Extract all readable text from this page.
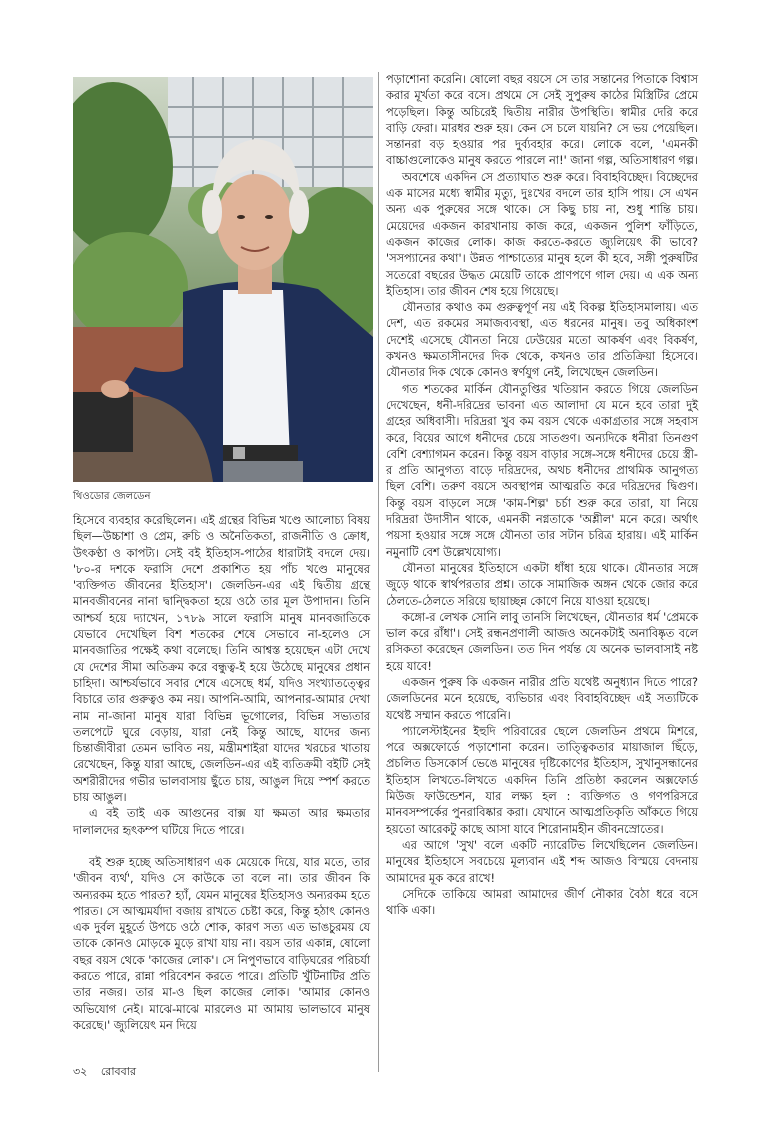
থিওডোর জেলডেন

হিসেবে ব্যবহার করেছিলেন। এই গ্রন্থের বিভিন্ন খণ্ডে আলোচ্য বিষয় ছিল—উচ্চাশা ও প্রেম, রুচি ও অনৈতিকতা, রাজনীতি ও ক্রোধ, উৎকণ্ঠা ও কাপট্য। সেই বই ইতিহাস-পাঠের ধারাটাই বদলে দেয়। '৮০-র দশকে ফরাসি দেশে প্রকাশিত হয় পাঁচ খণ্ডে মানুষের 'ব্যক্তিগত জীবনের ইতিহাস'। জেলডিন-এর এই দ্বিতীয় গ্রন্থে মানবজীবনের নানা দ্বান্দ্বিকতা হয়ে ওঠে তার মূল উপাদান। তিনি আশ্চর্য হয়ে দ্যাখেন, ১৭৮৯ সালে ফরাসি মানুষ মানবজাতিকে যেভাবে দেখেছিল বিশ শতকের শেষে সেভাবে না-হলেও সে মানবজাতির পক্ষেই কথা বলেছে। তিনি আশ্বস্ত হয়েছেন এটা দেখে যে দেশের সীমা অতিক্রম করে বন্ধুত্ব-ই হয়ে উঠেছে মানুষের প্রধান চাহিদা। আশ্চর্যভাবে সবার শেষে এসেছে ধর্ম, যদিও সংখ্যাতত্ত্বের বিচারে তার গুরুত্বও কম নয়। আপনি-আমি, আপনার-আমার দেখা নাম না-জানা মানুষ যারা বিভিন্ন ভূগোলের, বিভিন্ন সভ্যতার তলপেটে ঘুরে বেড়ায়, যারা নেই কিন্তু আছে, যাদের জন্য চিন্তাজীবীরা তেমন ভাবিত নয়, মন্ত্রীমশাইরা যাদের খরচের খাতায় রেখেছেন, কিন্তু যারা আছে, জেলডিন-এর এই ব্যতিক্রমী বইটি সেই অশরীরীদের গভীর ভালবাসায় ছুঁতে চায়, আঙুল দিয়ে স্পর্শ করতে চায় আঙুল।

এ বই তাই এক আগুনের বাক্স যা ক্ষমতা আর ক্ষমতার দালালদের হৃৎকম্প ঘটিয়ে দিতে পারে।

বই শুরু হচ্ছে অতিসাধারণ এক মেয়েকে দিয়ে, যার মতে, তার 'জীবন ব্যর্থ', যদিও সে কাউকে তা বলে না। তার জীবন কি অন্যরকম হতে পারত? হ্যাঁ, যেমন মানুষের ইতিহাসও অন্যরকম হতে পারত। সে আত্মমর্যাদা বজায় রাখতে চেষ্টা করে, কিন্তু হঠাৎ কোনও এক দুর্বল মুহূর্তে উপচে ওঠে শোক, কারণ সত্য এত ভাঙচুরময় যে তাকে কোনও মোড়কে মুড়ে রাখা যায় না। বয়স তার একান্ন, ষোলো বছর বয়স থেকে 'কাজের লোক'। সে নিপুণভাবে বাড়িঘরের পরিচর্যা করতে পারে, রান্না পরিবেশন করতে পারে। প্রতিটি খুঁটিনাটির প্রতি তার নজর। তার মা-ও ছিল কাজের লোক। 'আমার কোনও অভিযোগ নেই। মাঝে-মাঝে মারলেও মা আমায় ভালভাবে মানুষ করেছে।' জ্যুলিয়েৎ মন দিয়ে

পড়াশোনা করেনি। ষোলো বছর বয়সে সে তার সন্তানের পিতাকে বিশ্বাস করার মূর্খতা করে বসে। প্রথমে সে সেই সুপুরুষ কাঠের মিস্ত্রিটির প্রেমে পড়েছিল। কিন্তু অচিরেই দ্বিতীয় নারীর উপস্থিতি। স্বামীর দেরি করে বাড়ি ফেরা। মারধর শুরু হয়। কেন সে চলে যায়নি? সে ভয় পেয়েছিল। সন্তানরা বড় হওয়ার পর দুর্ব্যবহার করে। লোকে বলে, 'এমনকী বাচ্চাগুলোকেও মানুষ করতে পারলে না!' জানা গল্প, অতিসাধারণ গল্প।

অবশেষে একদিন সে প্রত্যাঘাত শুরু করে। বিবাহবিচ্ছেদ। বিচ্ছেদের এক মাসের মধ্যে স্বামীর মৃত্যু, দুঃখের বদলে তার হাসি পায়। সে এখন অন্য এক পুরুষের সঙ্গে থাকে। সে কিছু চায় না, শুধু শান্তি চায়। মেয়েদের একজন কারখানায় কাজ করে, একজন পুলিশ ফাঁড়িতে, একজন কাজের লোক। কাজ করতে-করতে জ্যুলিয়েৎ কী ভাবে? 'সসপ্যানের কথা'। উন্নত পাশ্চাত্যের মানুষ হলে কী হবে, সঙ্গী পুরুষটির সতেরো বছরের উদ্ধত মেয়েটি তাকে প্রাণপণে গাল দেয়। এ এক অন্য ইতিহাস। তার জীবন শেষ হয়ে গিয়েছে।

যৌনতার কথাও কম গুরুত্বপূর্ণ নয় এই বিকল্প ইতিহাসমালায়। এত দেশ, এত রকমের সমাজব্যবস্থা, এত ধরনের মানুষ। তবু অধিকাংশ দেশেই এসেছে যৌনতা নিয়ে ঢেউয়ের মতো আকর্ষণ এবং বিকর্ষণ, কখনও ক্ষমতাসীনদের দিক থেকে, কখনও তার প্রতিক্রিয়া হিসেবে। যৌনতার দিক থেকে কোনও স্বর্ণযুগ নেই, লিখেছেন জেলডিন।

গত শতকের মার্কিন যৌনতুপ্তির খতিয়ান করতে গিয়ে জেলডিন দেখেছেন, ধনী-দরিদ্রের ভাবনা এত আলাদা যে মনে হবে তারা দুই গ্রহের অধিবাসী। দরিদ্ররা খুব কম বয়স থেকে একাগ্রতার সঙ্গে সহবাস করে, বিয়ের আগে ধনীদের চেয়ে সাতগুণ। অন্যদিকে ধনীরা তিনগুণ বেশি বেশ্যাগমন করেন। কিন্তু বয়স বাড়ার সঙ্গে-সঙ্গে ধনীদের চেয়ে স্ত্রী-র প্রতি আনুগত্য বাড়ে দরিদ্রদের, অথচ ধনীদের প্রাথমিক আনুগত্য ছিল বেশি। তরুণ বয়সে অবস্থাপন্ন আত্মরতি করে দরিদ্রদের দ্বিগুণ। কিন্তু বয়স বাড়লে সঙ্গে 'কাম-শিল্প' চর্চা শুরু করে তারা, যা নিয়ে দরিদ্ররা উদাসীন থাকে, এমনকী নগ্নতাকে 'অশ্লীল' মনে করে। অর্থাৎ পয়সা হওয়ার সঙ্গে সঙ্গে যৌনতা তার সটান চরিত্র হারায়। এই মার্কিন নমুনাটি বেশ উল্লেখযোগ্য।

যৌনতা মানুষের ইতিহাসে একটা ধাঁধা হয়ে থাকে। যৌনতার সঙ্গে জুড়ে থাকে স্বার্থপরতার প্রশ্ন। তাকে সামাজিক অঙ্গন থেকে জোর করে ঠেলতে-ঠেলতে সরিয়ে ছায়াচ্ছন্ন কোণে নিয়ে যাওয়া হয়েছে।

কঙ্গো-র লেখক সোনি লাবু তানসি লিখেছেন, যৌনতার ধর্ম 'প্রেমকে ভাল করে রাঁধা'। সেই রন্ধনপ্রণালী আজও অনেকটাই অনাবিষ্কৃত বলে রসিকতা করেছেন জেলডিন। তত দিন পর্যন্ত যে অনেক ভালবাসাই নষ্ট হয়ে যাবে!

একজন পুরুষ কি একজন নারীর প্রতি যথেষ্ট অনুধ্যান দিতে পারে? জেলডিনের মনে হয়েছে, ব্যভিচার এবং বিবাহবিচ্ছেদ এই সত্যটিকে যথেষ্ট সম্মান করতে পারেনি।

প্যালেস্টাইনের ইহুদি পরিবারের ছেলে জেলডিন প্রথমে মিশরে, পরে অক্সফোর্ডে পড়াশোনা করেন। তাত্ত্বিকতার মায়াজাল ছিঁড়ে, প্রচলিত ডিসকোর্স ভেঙে মানুষের দৃষ্টিকোণের ইতিহাস, সুখানুসন্ধানের ইতিহাস লিখতে-লিখতে একদিন তিনি প্রতিষ্ঠা করলেন অক্সফোর্ড মিউজ ফাউন্ডেশন, যার লক্ষ্য হল : ব্যক্তিগত ও গণপরিসরে মানবসম্পর্কের পুনরাবিষ্কার করা। যেখানে আত্মপ্রতিকৃতি আঁকতে গিয়ে হয়তো আরেকটু কাছে আসা যাবে শিরোনামহীন জীবনস্রোতের।

এর আগে 'সুখ' বলে একটি ন্যারেটিভ লিখেছিলেন জেলডিন। মানুষের ইতিহাসে সবচেয়ে মূল্যবান এই শব্দ আজও বিস্ময়ে বেদনায় আমাদের মূক করে রাখে!

সেদিকে তাকিয়ে আমরা আমাদের জীর্ণ নৌকার বৈঠা ধরে বসে থাকি একা।

৩২ রোববার
